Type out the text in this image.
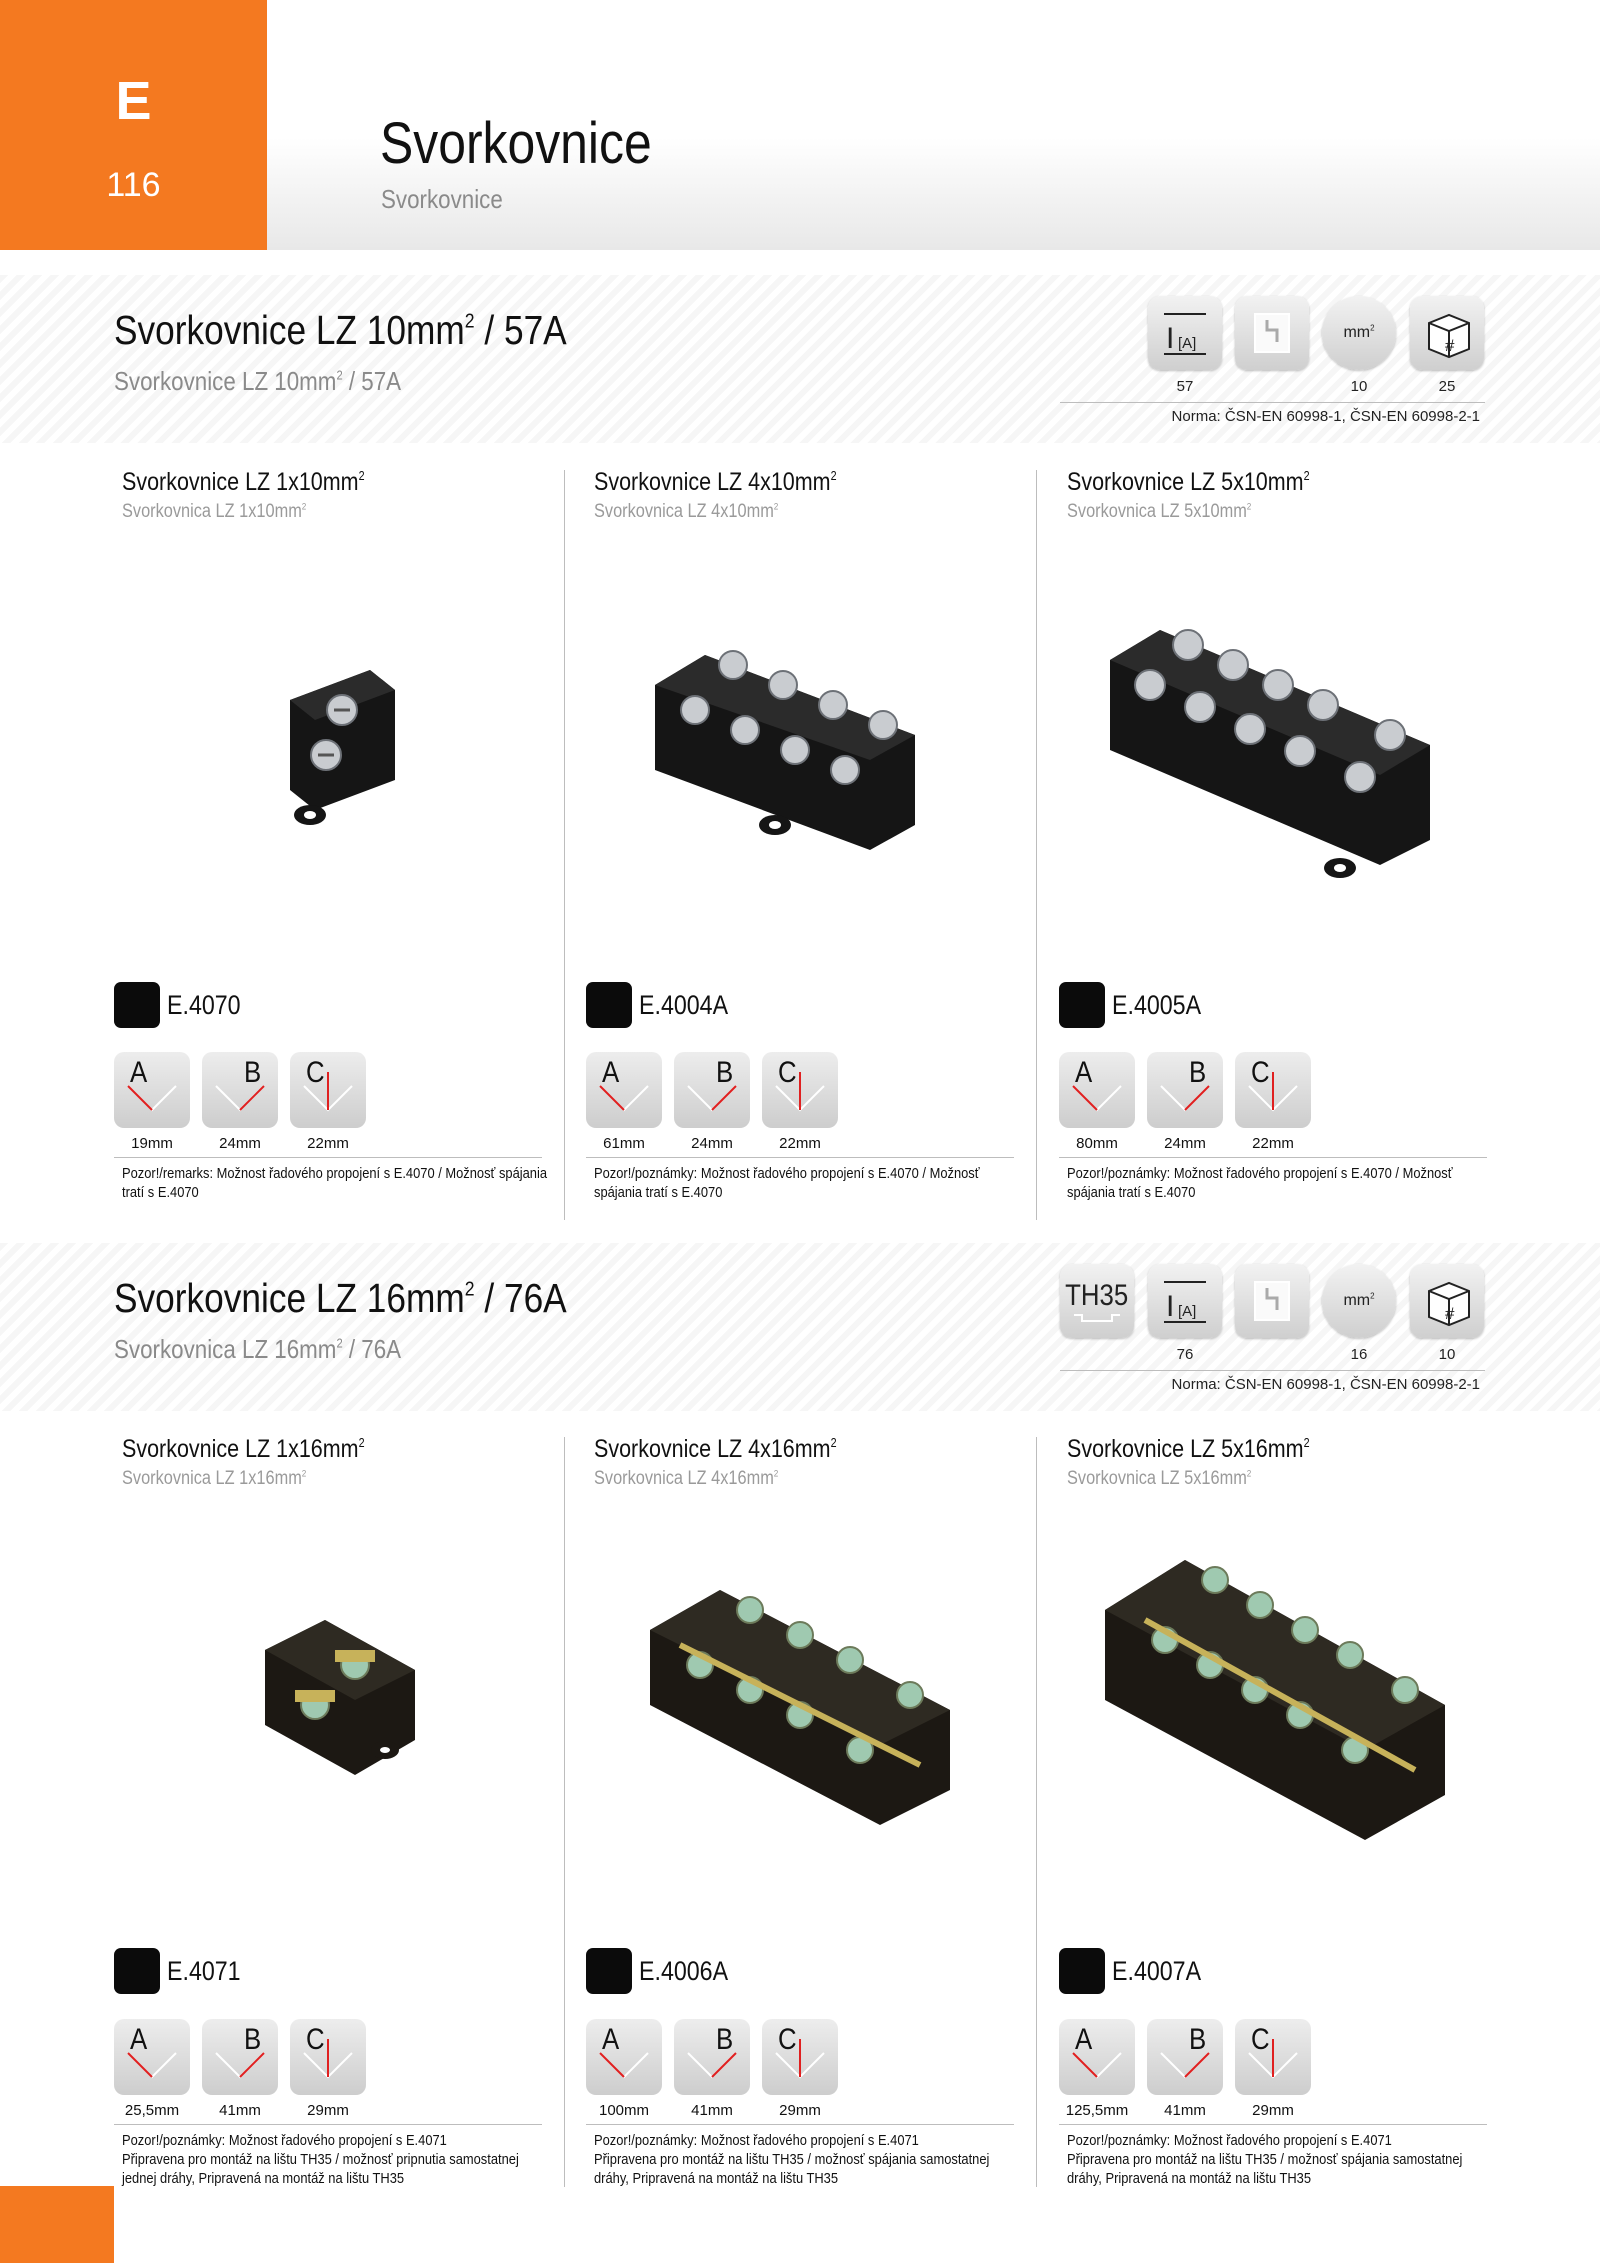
E
116
Svorkovnice
Svorkovnice
Svorkovnice LZ $10mm^2 / 57A$
Svorkovnice LZ $10mm^2 / 57A$
I [A]
$mm^2$
#
57	10	25
Norma: ČSN-EN 60998-1, ČSN-EN 60998-2-1
Svorkovnice LZ $1x10mm^2$
Svorkovnica LZ $1x10mm^2$
E.4070
A	B C
19mm	24mm	22mm
Pozor!/remarks: Možnost řadového propojení s E.4070 / Možnosť spájania
tratí s E.4070
Svorkovnice LZ $4x10mm^2$
Svorkovnica LZ $4x10mm^2$
E.4004A
A	B C
61mm	24mm	22mm
Pozor!/poznámky: Možnost řadového propojení s E.4070 / Možnosť
spájania tratí s E.4070
Svorkovnice LZ $5x10mm^2$
Svorkovnica LZ $5x10mm^2$
E.4005A
A	B C
80mm	24mm	22mm
Pozor!/poznámky: Možnost řadového propojení s E.4070 / Možnosť
spájania tratí s E.4070
Svorkovnice LZ $16mm^2 / 76A$
Svorkovnica LZ $16mm^2 / 76A$
TH35 I [A]
$mm^2$
#
76	16	10
Norma: ČSN-EN 60998-1, ČSN-EN 60998-2-1
Svorkovnice LZ $1x16mm^2$
Svorkovnica LZ $1x16mm^2$
E.4071
A	B C
25,5mm	41mm	29mm
Pozor!/poznámky: Možnost řadového propojení s E.4071
Připravena pro montáž na lištu TH35 / možnosť pripnutia samostatnej
jednej dráhy, Pripravená na montáž na lištu TH35
Svorkovnice LZ $4x16mm^2$
Svorkovnica LZ $4x16mm^2$
E.4006A
A	B C
100mm	41mm	29mm
Pozor!/poznámky: Možnost řadového propojení s E.4071
Připravena pro montáž na lištu TH35 / možnosť spájania samostatnej
dráhy, Pripravená na montáž na lištu TH35
Svorkovnice LZ $5x16mm^2$
Svorkovnica LZ $5x16mm^2$
E.4007A
A	B C
125,5mm	41mm	29mm
Pozor!/poznámky: Možnost řadového propojení s E.4071
Připravena pro montáž na lištu TH35 / možnosť spájania samostatnej
dráhy, Pripravená na montáž na lištu TH35
